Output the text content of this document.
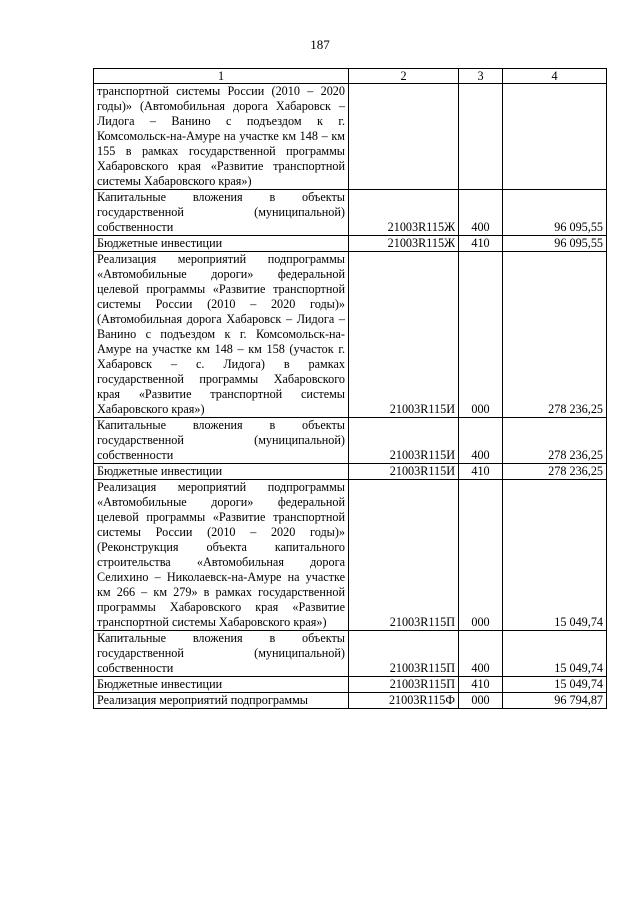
187
1	2	3	4
транспортной системы России (2010 – 2020 годы)» (Автомобильная дорога Хабаровск – Лидога – Ванино с подъездом к г. Комсомольск-на-Амуре на участке км 148 – км 155 в рамках государственной программы Хабаровского края «Развитие транспортной системы Хабаровского края»)			
Капитальные вложения в объекты государственной (муниципальной) собственности	21003R115Ж	400	96 095,55
Бюджетные инвестиции	21003R115Ж	410	96 095,55
Реализация мероприятий подпрограммы «Автомобильные дороги» федеральной целевой программы «Развитие транспортной системы России (2010 – 2020 годы)» (Автомобильная дорога Хабаровск – Лидога – Ванино с подъездом к г. Комсомольск-на-Амуре на участке км 148 – км 158 (участок г. Хабаровск – с. Лидога) в рамках государственной программы Хабаровского края «Развитие транспортной системы Хабаровского края»)	21003R115И	000	278 236,25
Капитальные вложения в объекты государственной (муниципальной) собственности	21003R115И	400	278 236,25
Бюджетные инвестиции	21003R115И	410	278 236,25
Реализация мероприятий подпрограммы «Автомобильные дороги» федеральной целевой программы «Развитие транспортной системы России (2010 – 2020 годы)» (Реконструкция объекта капитального строительства «Автомобильная дорога Селихино – Николаевск-на-Амуре на участке км 266 – км 279» в рамках государственной программы Хабаровского края «Развитие транспортной системы Хабаровского края»)	21003R115П	000	15 049,74
Капитальные вложения в объекты государственной (муниципальной) собственности	21003R115П	400	15 049,74
Бюджетные инвестиции	21003R115П	410	15 049,74
Реализация мероприятий подпрограммы	21003R115Ф	000	96 794,87
